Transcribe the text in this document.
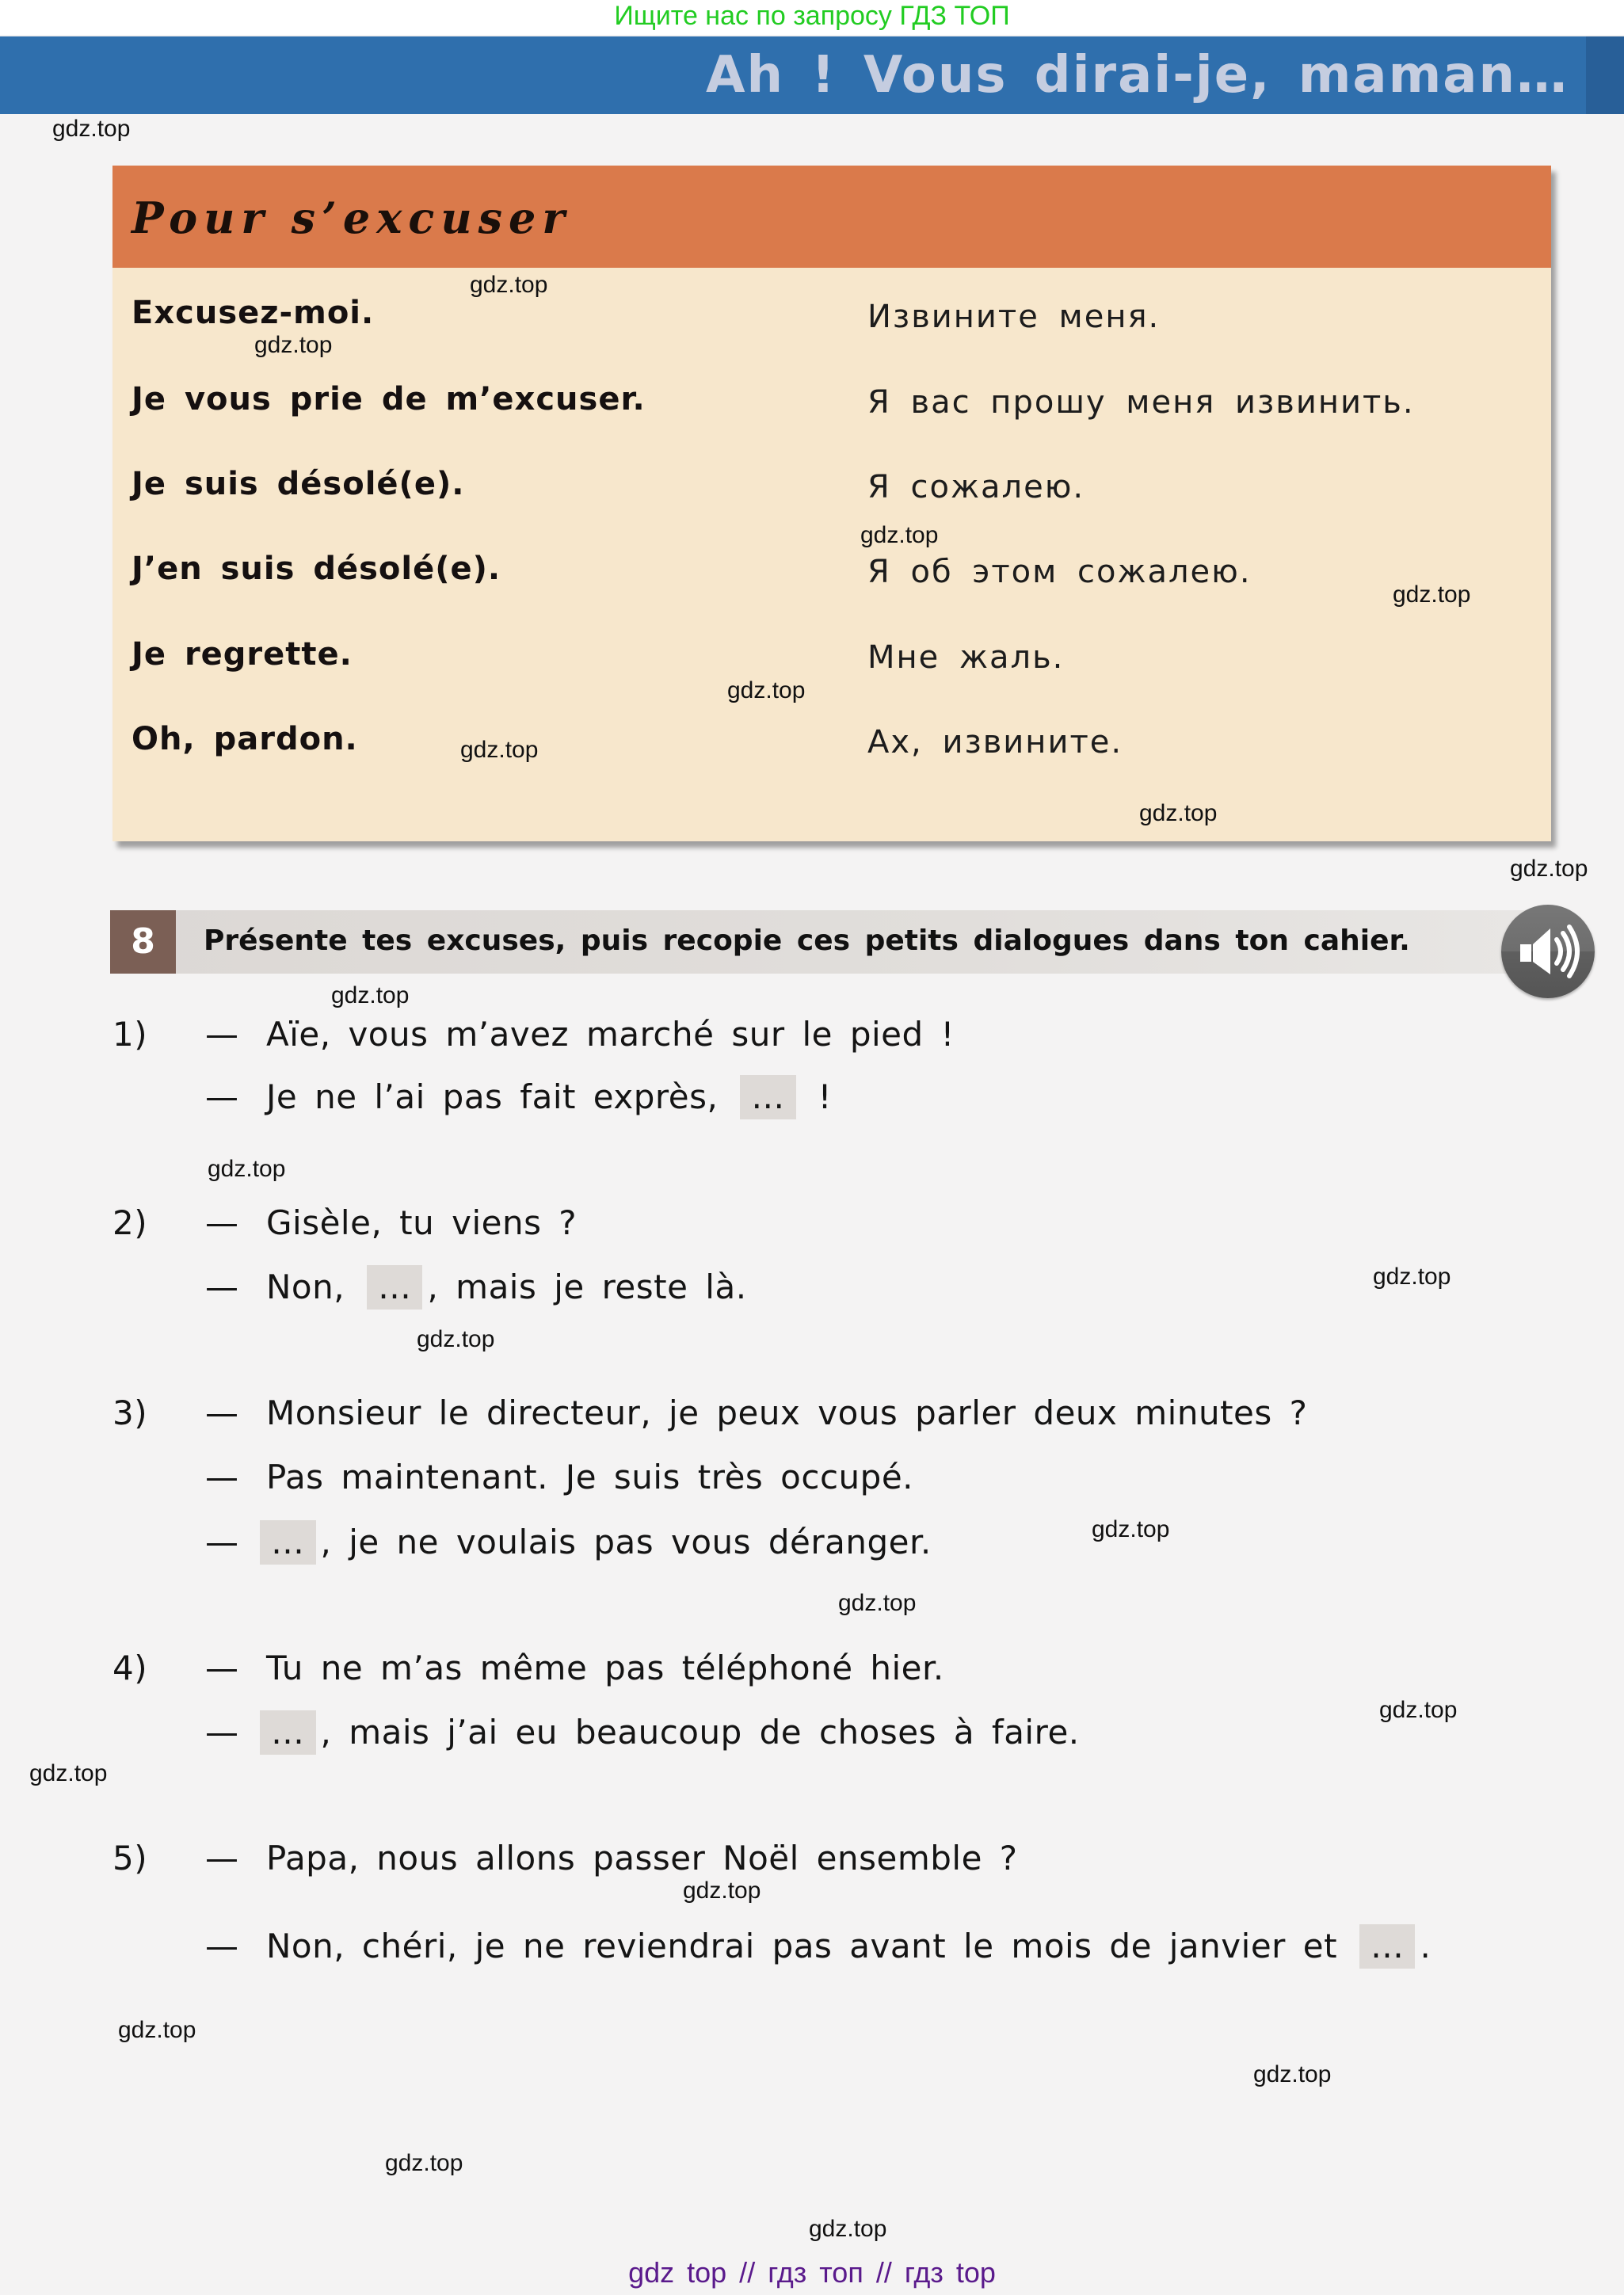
Ищите нас по запросу ГДЗ ТОП
Ah ! Vous dirai-je, maman…
Pour s’excuser
Excusez-moi.	Извините меня.
Je vous prie de m’excuser.	Я вас прошу меня извинить.
Je suis désolé(e).	Я сожалею.
J’en suis désolé(e).	Я об этом сожалею.
Je regrette.	Мне жаль.
Oh, pardon.	Ах, извините.
8	Présente tes excuses, puis recopie ces petits dialogues dans ton cahier.
1) — Aïe, vous m’avez marché sur le pied !
— Je ne l’ai pas fait exprès, … !
2) — Gisèle, tu viens ?
— Non, … , mais je reste là.
3) — Monsieur le directeur, je peux vous parler deux minutes ?
— Pas maintenant. Je suis très occupé.
— … , je ne voulais pas vous déranger.
4) — Tu ne m’as même pas téléphoné hier.
— … , mais j’ai eu beaucoup de choses à faire.
5) — Papa, nous allons passer Noël ensemble ?
— Non, chéri, je ne reviendrai pas avant le mois de janvier et … .
gdz.top
gdz.top
gdz.top
gdz.top
gdz.top
gdz.top
gdz.top
gdz.top
gdz.top
gdz.top
gdz.top
gdz.top
gdz.top
gdz.top
gdz.top
gdz.top
gdz.top
gdz.top
gdz.top
gdz.top
gdz.top
gdz.top
gdz top // гдз топ // гдз top
